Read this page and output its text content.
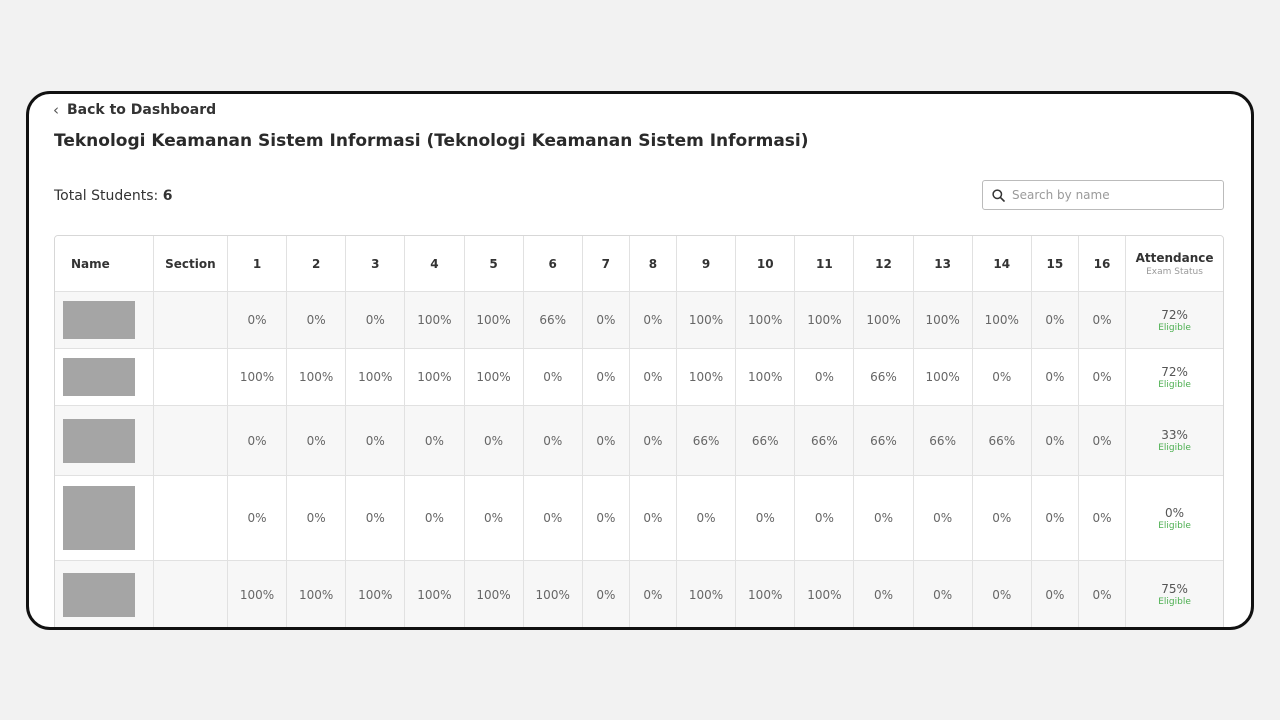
‹ Back to Dashboard
Teknologi Keamanan Sistem Informasi (Teknologi Keamanan Sistem Informasi)
Total Students: 6
Search by name
Name	Section	1	2	3	4	5	6	7	8	9	10	11	12	13	14	15	16	Attendance
Exam Status

		0%	0%	0%	100%	100%	66%	0%	0%	100%	100%	100%	100%	100%	100%	0%	0%	72%
Eligible

		100%	100%	100%	100%	100%	0%	0%	0%	100%	100%	0%	66%	100%	0%	0%	0%	72%
Eligible

		0%	0%	0%	0%	0%	0%	0%	0%	66%	66%	66%	66%	66%	66%	0%	0%	33%
Eligible

		0%	0%	0%	0%	0%	0%	0%	0%	0%	0%	0%	0%	0%	0%	0%	0%	0%
Eligible

		100%	100%	100%	100%	100%	100%	0%	0%	100%	100%	100%	0%	0%	0%	0%	0%	75%
Eligible
